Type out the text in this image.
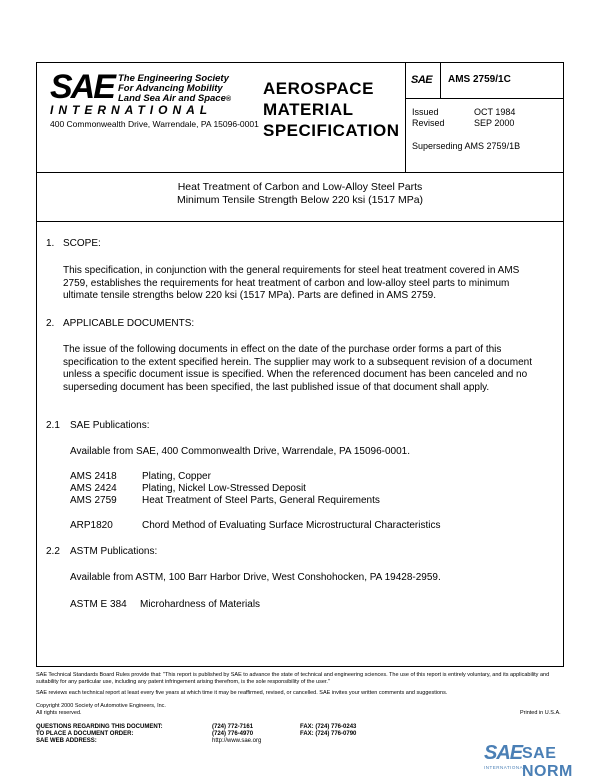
SAE The Engineering Society
For Advancing Mobility
Land Sea Air and Space®
INTERNATIONAL
400 Commonwealth Drive, Warrendale, PA 15096-0001
AEROSPACE
MATERIAL
SPECIFICATION
SAE AMS 2759/1C
Issued	OCT 1984
Revised	SEP 2000
Superseding AMS 2759/1B
Heat Treatment of Carbon and Low-Alloy Steel Parts
Minimum Tensile Strength Below 220 ksi (1517 MPa)
1. SCOPE:
This specification, in conjunction with the general requirements for steel heat treatment covered in AMS 2759, establishes the requirements for heat treatment of carbon and low-alloy steel parts to minimum ultimate tensile strengths below 220 ksi (1517 MPa). Parts are defined in AMS 2759.
2. APPLICABLE DOCUMENTS:
The issue of the following documents in effect on the date of the purchase order forms a part of this specification to the extent specified herein. The supplier may work to a subsequent revision of a document unless a specific document issue is specified. When the referenced document has been canceled and no superseding document has been specified, the last published issue of that document shall apply.
2.1 SAE Publications:
Available from SAE, 400 Commonwealth Drive, Warrendale, PA 15096-0001.
AMS 2418	Plating, Copper
AMS 2424	Plating, Nickel Low-Stressed Deposit
AMS 2759	Heat Treatment of Steel Parts, General Requirements
ARP1820	Chord Method of Evaluating Surface Microstructural Characteristics
2.2 ASTM Publications:
Available from ASTM, 100 Barr Harbor Drive, West Conshohocken, PA 19428-2959.
ASTM E 384 Microhardness of Materials
SAE Technical Standards Board Rules provide that: "This report is published by SAE to advance the state of technical and engineering sciences. The use of this report is entirely voluntary, and its applicability and suitability for any particular use, including any patent infringement arising therefrom, is the sole responsibility of the user."
SAE reviews each technical report at least every five years at which time it may be reaffirmed, revised, or cancelled. SAE invites your written comments and suggestions.
Copyright 2000 Society of Automotive Engineers, Inc.
All rights reserved.	Printed in U.S.A.
QUESTIONS REGARDING THIS DOCUMENT:	(724) 772-7161	FAX: (724) 776-0243
TO PLACE A DOCUMENT ORDER:	(724) 776-4970	FAX: (724) 776-0790
SAE WEB ADDRESS:	http://www.sae.org
SAE SAE NORM
INTERNATIONAL
